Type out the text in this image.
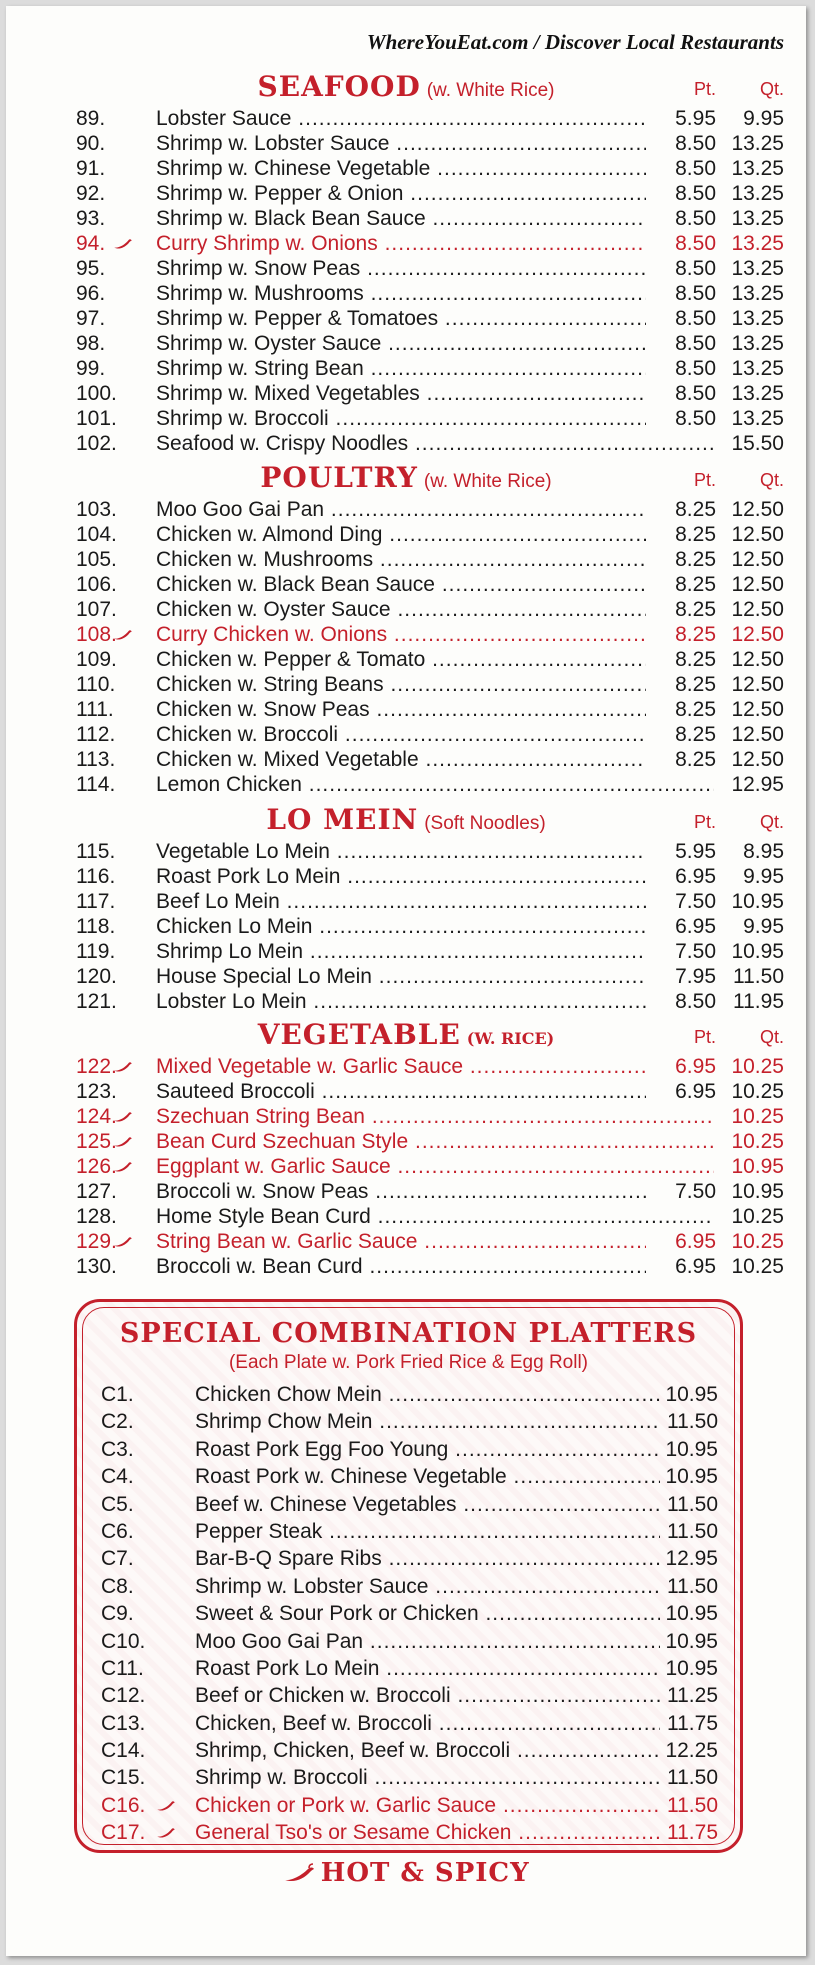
WhereYouEat.com / Discover Local Restaurants
SEAFOOD (w. White Rice)	Pt. Qt.
89. Lobster Sauce .....	5.95 9.95
90. Shrimp w. Lobster Sauce .....	8.50 13.25
91. Shrimp w. Chinese Vegetable .....	8.50 13.25
92. Shrimp w. Pepper & Onion .....	8.50 13.25
93. Shrimp w. Black Bean Sauce .....	8.50 13.25
94. Curry Shrimp w. Onions .....	8.50 13.25
95. Shrimp w. Snow Peas .....	8.50 13.25
96. Shrimp w. Mushrooms .....	8.50 13.25
97. Shrimp w. Pepper & Tomatoes .....	8.50 13.25
98. Shrimp w. Oyster Sauce .....	8.50 13.25
99. Shrimp w. String Bean .....	8.50 13.25
100. Shrimp w. Mixed Vegetables .....	8.50 13.25
101. Shrimp w. Broccoli .....	8.50 13.25
102. Seafood w. Crispy Noodles .....	15.50
POULTRY (w. White Rice)	Pt. Qt.
103. Moo Goo Gai Pan .....	8.25 12.50
104. Chicken w. Almond Ding .....	8.25 12.50
105. Chicken w. Mushrooms .....	8.25 12.50
106. Chicken w. Black Bean Sauce .....	8.25 12.50
107. Chicken w. Oyster Sauce .....	8.25 12.50
108. Curry Chicken w. Onions .....	8.25 12.50
109. Chicken w. Pepper & Tomato .....	8.25 12.50
110. Chicken w. String Beans .....	8.25 12.50
111. Chicken w. Snow Peas .....	8.25 12.50
112. Chicken w. Broccoli .....	8.25 12.50
113. Chicken w. Mixed Vegetable .....	8.25 12.50
114. Lemon Chicken .....	12.95
LO MEIN (Soft Noodles)	Pt. Qt.
115. Vegetable Lo Mein .....	5.95 8.95
116. Roast Pork Lo Mein .....	6.95 9.95
117. Beef Lo Mein .....	7.50 10.95
118. Chicken Lo Mein .....	6.95 9.95
119. Shrimp Lo Mein .....	7.50 10.95
120. House Special Lo Mein .....	7.95 11.50
121. Lobster Lo Mein .....	8.50 11.95
VEGETABLE (W. RICE)	Pt. Qt.
122. Mixed Vegetable w. Garlic Sauce .....	6.95 10.25
123. Sauteed Broccoli .....	6.95 10.25
124. Szechuan String Bean .....	10.25
125. Bean Curd Szechuan Style .....	10.25
126. Eggplant w. Garlic Sauce .....	10.95
127. Broccoli w. Snow Peas .....	7.50 10.95
128. Home Style Bean Curd .....	10.25
129. String Bean w. Garlic Sauce .....	6.95 10.25
130. Broccoli w. Bean Curd .....	6.95 10.25
SPECIAL COMBINATION PLATTERS
(Each Plate w. Pork Fried Rice & Egg Roll)
C1.	Chicken Chow Mein .....	10.95
C2.	Shrimp Chow Mein .....	11.50
C3.	Roast Pork Egg Foo Young .....	10.95
C4.	Roast Pork w. Chinese Vegetable .....	10.95
C5.	Beef w. Chinese Vegetables .....	11.50
C6.	Pepper Steak .....	11.50
C7.	Bar-B-Q Spare Ribs .....	12.95
C8.	Shrimp w. Lobster Sauce .....	11.50
C9.	Sweet & Sour Pork or Chicken .....	10.95
C10. Moo Goo Gai Pan .....	10.95
C11. Roast Pork Lo Mein .....	10.95
C12. Beef or Chicken w. Broccoli .....	11.25
C13. Chicken, Beef w. Broccoli .....	11.75
C14. Shrimp, Chicken, Beef w. Broccoli .....	12.25
C15. Shrimp w. Broccoli .....	11.50
C16. Chicken or Pork w. Garlic Sauce .....	11.50
C17. General Tso's or Sesame Chicken .....	11.75
HOT & SPICY
